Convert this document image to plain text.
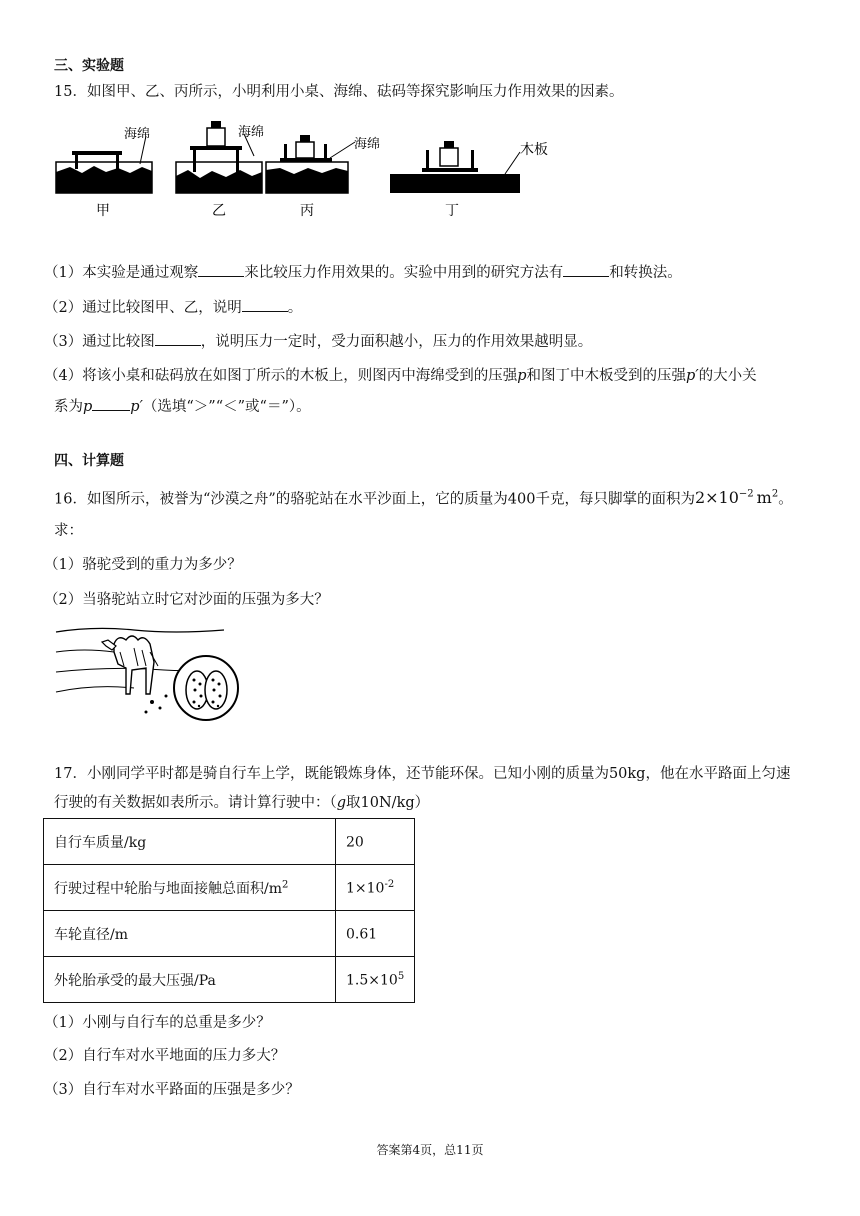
三、实验题
15．如图甲、乙、丙所示，小明利用小桌、海绵、砝码等探究影响压力作用效果的因素。
海绵
甲
海绵
乙
海绵
丙
木板
丁
（1）本实验是通过观察	来比较压力作用效果的。实验中用到的研究方法有	和转换法。
（2）通过比较图甲、乙，说明	。
（3）通过比较图	，说明压力一定时，受力面积越小，压力的作用效果越明显。
（4）将该小桌和砝码放在如图丁所示的木板上，则图丙中海绵受到的压强p和图丁中木板受到的压强p′的大小关
系为p	p′（选填“＞”“＜”或“＝”）。
四、计算题
16．如图所示，被誉为“沙漠之舟”的骆驼站在水平沙面上，它的质量为400千克，每只脚掌的面积为$2\times 10^{-2}$ $m^2$。
求：
（1）骆驼受到的重力为多少？
（2）当骆驼站立时它对沙面的压强为多大？
17．小刚同学平时都是骑自行车上学，既能锻炼身体，还节能环保。已知小刚的质量为50kg，他在水平路面上匀速
行驶的有关数据如表所示。请计算行驶中：（g取10N/kg）
自行车质量/kg	20
行驶过程中轮胎与地面接触总面积$/m^2$	$1\times 10^{-2}$
车轮直径/m	0.61
外轮胎承受的最大压强/Pa	$1.5\times 10^5$
（1）小刚与自行车的总重是多少？
（2）自行车对水平地面的压力多大？
（3）自行车对水平路面的压强是多少？
答案第4页，总11页
